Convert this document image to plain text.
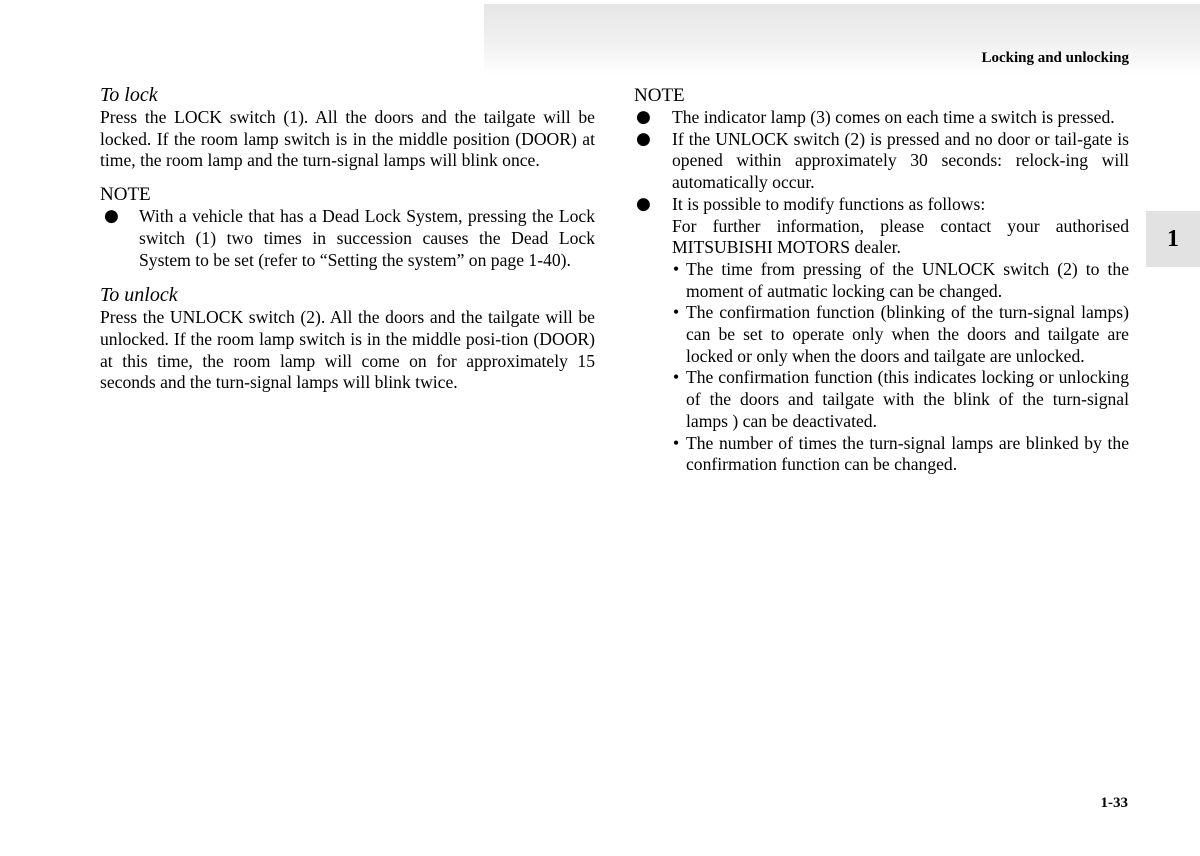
Locking and unlocking
1

To lock

Press the LOCK switch (1). All the doors and the tailgate will be locked. If the room lamp switch is in the middle position (DOOR) at time, the room lamp and the turn-signal lamps will blink once.

NOTE

● With a vehicle that has a Dead Lock System, pressing the Lock switch (1) two times in succession causes the Dead Lock System to be set (refer to “Setting the system” on page 1-40).

To unlock

Press the UNLOCK switch (2). All the doors and the tailgate will be unlocked. If the room lamp switch is in the middle posi-tion (DOOR) at this time, the room lamp will come on for approximately 15 seconds and the turn-signal lamps will blink twice.

NOTE

● The indicator lamp (3) comes on each time a switch is pressed.
● If the UNLOCK switch (2) is pressed and no door or tail-gate is opened within approximately 30 seconds: relock-ing will automatically occur.
● It is possible to modify functions as follows:
For further information, please contact your authorised MITSUBISHI MOTORS dealer.
• The time from pressing of the UNLOCK switch (2) to the moment of autmatic locking can be changed.
• The confirmation function (blinking of the turn-signal lamps) can be set to operate only when the doors and tailgate are locked or only when the doors and tailgate are unlocked.
• The confirmation function (this indicates locking or unlocking of the doors and tailgate with the blink of the turn-signal lamps ) can be deactivated.
• The number of times the turn-signal lamps are blinked by the confirmation function can be changed.
1-33
